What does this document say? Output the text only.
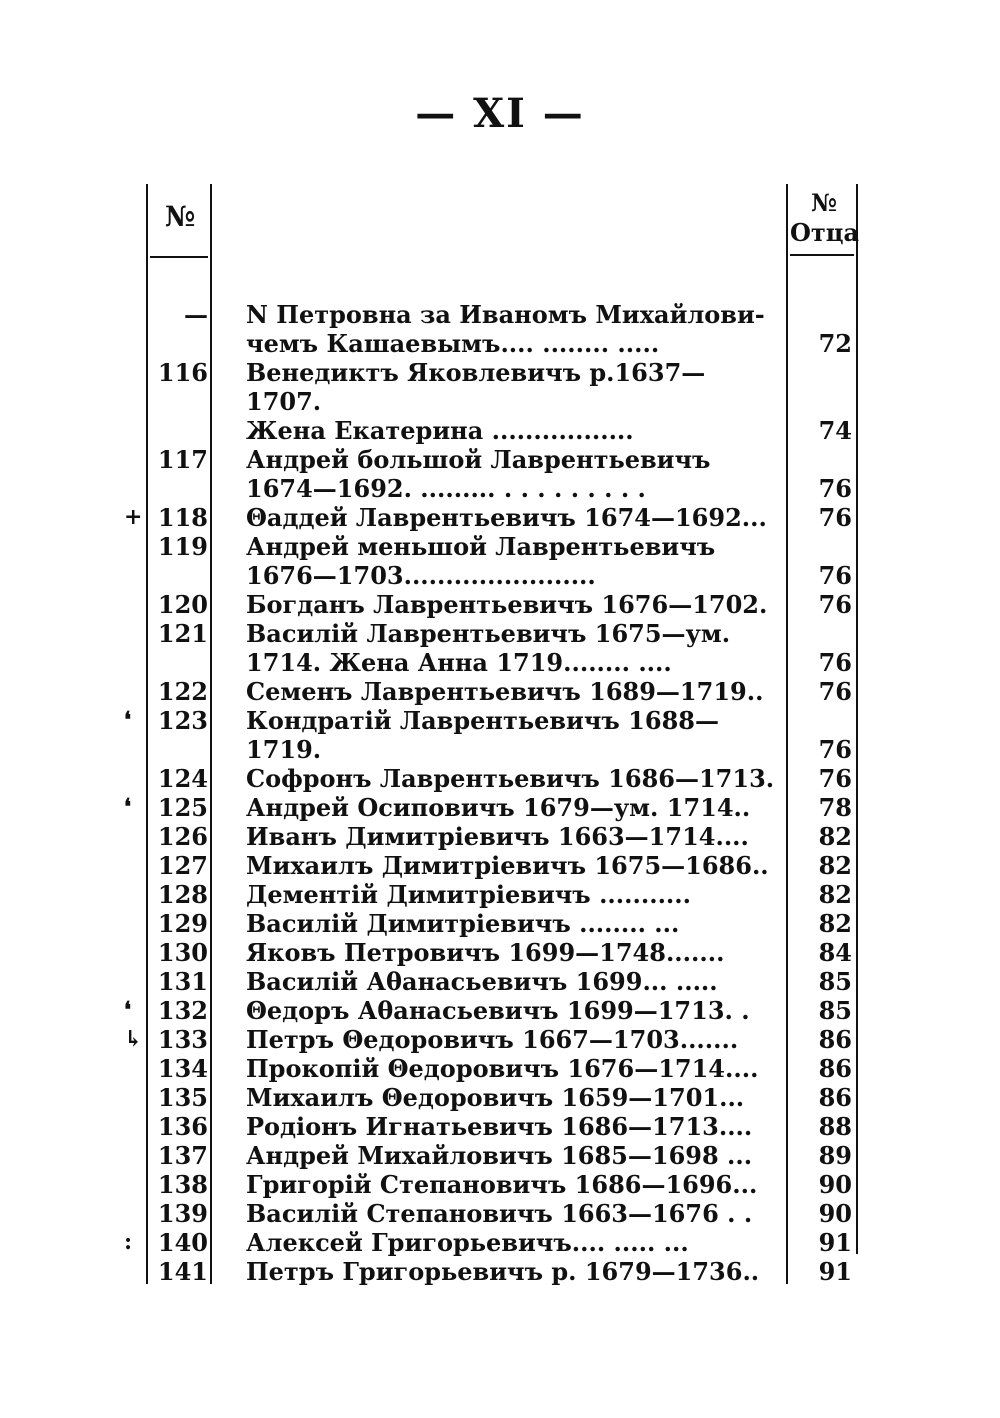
— XI —
№	№
Отца
— N Петровна за Иваномъ Михайлови-
чемъ Кашаевымъ.... ........ .....	72
116 Венедиктъ Яковлевичъ р.1637—1707.
Жена Екатерина .................	74
117 Андрей большой Лаврентьевичъ
1674—1692. ......... . . . . . . . . .	76
+ 118 Θаддей Лаврентьевичъ 1674—1692...	76
119 Андрей меньшой Лаврентьевичъ
1676—1703.......................	76
120 Богданъ Лаврентьевичъ 1676—1702.	76
121 Василій Лаврентьевичъ 1675—ум.
1714. Жена Анна 1719........ ....	76
122 Семенъ Лаврентьевичъ 1689—1719..	76
❛	123 Кондратій Лаврентьевичъ 1688—1719.	76
124 Софронъ Лаврентьевичъ 1686—1713.	76
❛	125 Андрей Осиповичъ 1679—ум. 1714..	78
126 Иванъ Димитріевичъ 1663—1714....	82
127 Михаилъ Димитріевичъ 1675—1686..	82
128 Дементій Димитріевичъ ...........	82
129 Василій Димитріевичъ ........ ...	82
130 Яковъ Петровичъ 1699—1748.......	84
131 Василій Аθанасьевичъ 1699... .....	85
❛	132 Θедоръ Аθанасьевичъ 1699—1713. .	85
↳ 133 Петръ Θедоровичъ 1667—1703.......	86
134 Прокопій Θедоровичъ 1676—1714....	86
135 Михаилъ Θедоровичъ 1659—1701...	86
136 Родіонъ Игнатьевичъ 1686—1713....	88
137 Андрей Михайловичъ 1685—1698 ...	89
138 Григорій Степановичъ 1686—1696...	90
139 Василій Степановичъ 1663—1676 . .	90
:	140 Алексей Григорьевичъ.... ..... ...	91
141 Петръ Григорьевичъ р. 1679—1736..	91
